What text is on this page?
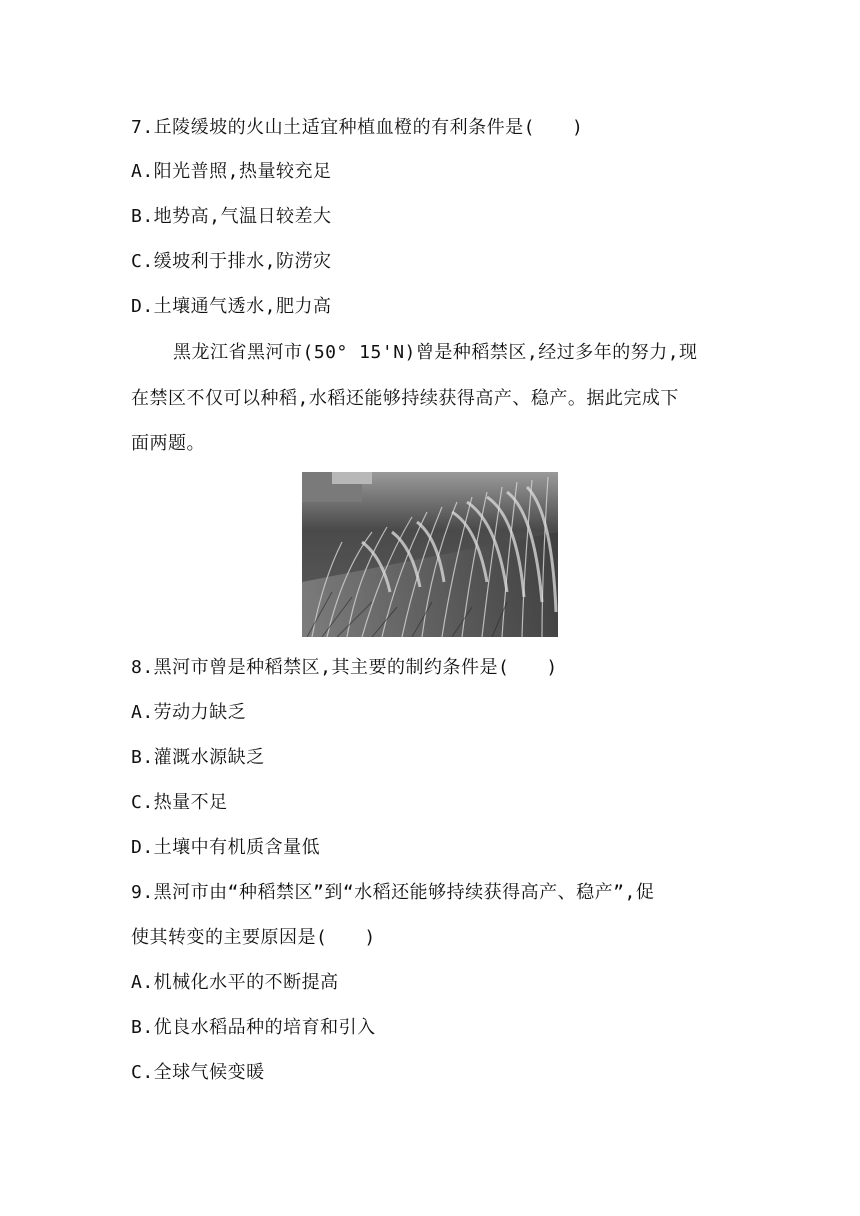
7.丘陵缓坡的火山土适宜种植血橙的有利条件是(　　)
A.阳光普照,热量较充足
B.地势高,气温日较差大
C.缓坡利于排水,防涝灾
D.土壤通气透水,肥力高
黑龙江省黑河市(50° 15'N)曾是种稻禁区,经过多年的努力,现
在禁区不仅可以种稻,水稻还能够持续获得高产、稳产。据此完成下
面两题。
8.黑河市曾是种稻禁区,其主要的制约条件是(　　)
A.劳动力缺乏
B.灌溉水源缺乏
C.热量不足
D.土壤中有机质含量低
9.黑河市由“种稻禁区”到“水稻还能够持续获得高产、稳产”,促
使其转变的主要原因是(　　)
A.机械化水平的不断提高
B.优良水稻品种的培育和引入
C.全球气候变暖
